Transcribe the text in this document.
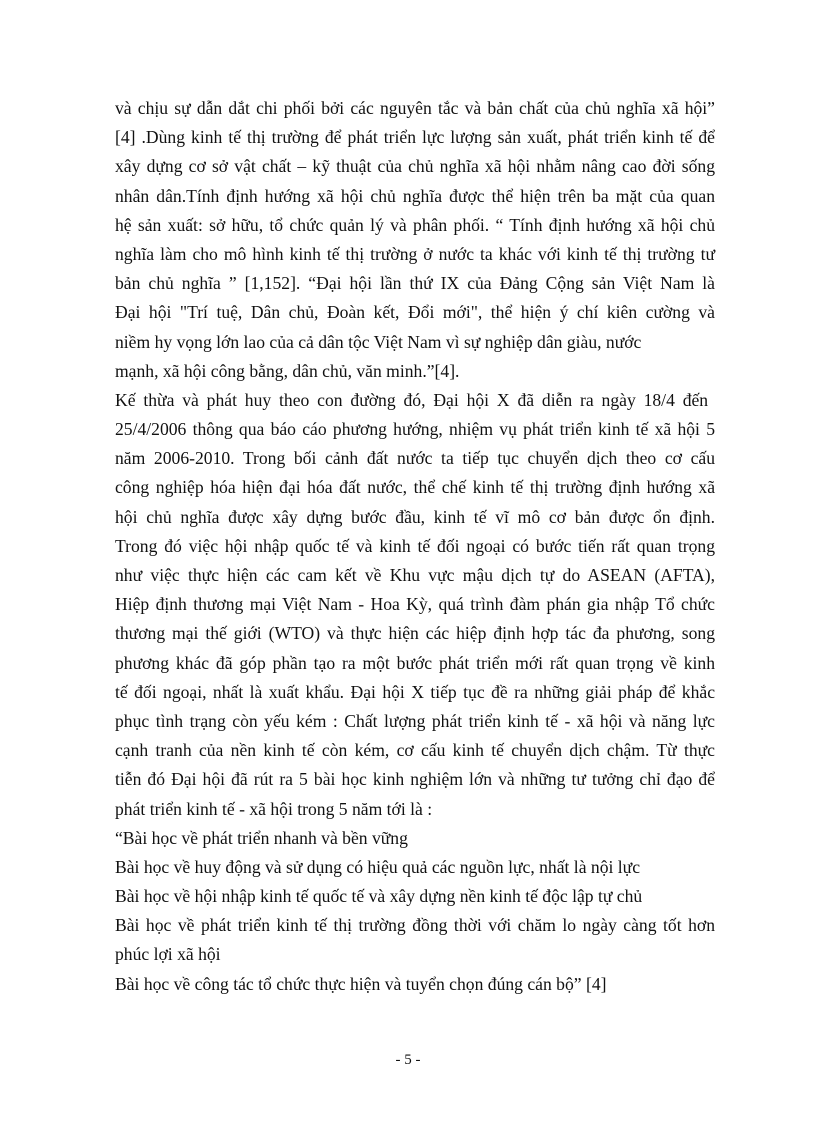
và chịu sự dẫn dắt chi phối bởi các nguyên tắc và bản chất của chủ nghĩa xã hội”
[4] .Dùng kinh tế thị trường để phát triển lực lượng sản xuất, phát triển kinh tế để
xây dựng cơ sở vật chất – kỹ thuật của chủ nghĩa xã hội nhằm nâng cao đời sống
nhân dân.Tính định hướng xã hội chủ nghĩa được thể hiện trên ba mặt của quan
hệ sản xuất: sở hữu, tổ chức quản lý và phân phối. “ Tính định hướng xã hội chủ
nghĩa làm cho mô hình kinh tế thị trường ở nước ta khác với kinh tế thị trường tư
bản chủ nghĩa ” [1,152]. “Đại hội lần thứ IX của Đảng Cộng sản Việt Nam là
Đại hội "Trí tuệ, Dân chủ, Đoàn kết, Đổi mới", thể hiện ý chí kiên cường và
niềm hy vọng lớn lao của cả dân tộc Việt Nam vì sự nghiệp dân giàu, nước
mạnh, xã hội công bằng, dân chủ, văn minh.”[4].
Kế thừa và phát huy theo con đường đó, Đại hội X đã diễn ra ngày 18/4 đến
25/4/2006 thông qua báo cáo phương hướng, nhiệm vụ phát triển kinh tế xã hội 5
năm 2006-2010. Trong bối cảnh đất nước ta tiếp tục chuyển dịch theo cơ cấu
công nghiệp hóa hiện đại hóa đất nước, thể chế kinh tế thị trường định hướng xã
hội chủ nghĩa được xây dựng bước đầu, kinh tế vĩ mô cơ bản được ổn định.
Trong đó việc hội nhập quốc tế và kinh tế đối ngoại có bước tiến rất quan trọng
như việc thực hiện các cam kết về Khu vực mậu dịch tự do ASEAN (AFTA),
Hiệp định thương mại Việt Nam - Hoa Kỳ, quá trình đàm phán gia nhập Tổ chức
thương mại thế giới (WTO) và thực hiện các hiệp định hợp tác đa phương, song
phương khác đã góp phần tạo ra một bước phát triển mới rất quan trọng về kinh
tế đối ngoại, nhất là xuất khẩu. Đại hội X tiếp tục đề ra những giải pháp để khắc
phục tình trạng còn yếu kém : Chất lượng phát triển kinh tế - xã hội và năng lực
cạnh tranh của nền kinh tế còn kém, cơ cấu kinh tế chuyển dịch chậm. Từ thực
tiễn đó Đại hội đã rút ra 5 bài học kinh nghiệm lớn và những tư tưởng chỉ đạo để
phát triển kinh tế - xã hội trong 5 năm tới là :
“Bài học về phát triển nhanh và bền vững
Bài học về huy động và sử dụng có hiệu quả các nguồn lực, nhất là nội lực
Bài học về hội nhập kinh tế quốc tế và xây dựng nền kinh tế độc lập tự chủ
Bài học về phát triển kinh tế thị trường đồng thời với chăm lo ngày càng tốt hơn
phúc lợi xã hội
Bài học về công tác tổ chức thực hiện và tuyển chọn đúng cán bộ” [4]
- 5 -
